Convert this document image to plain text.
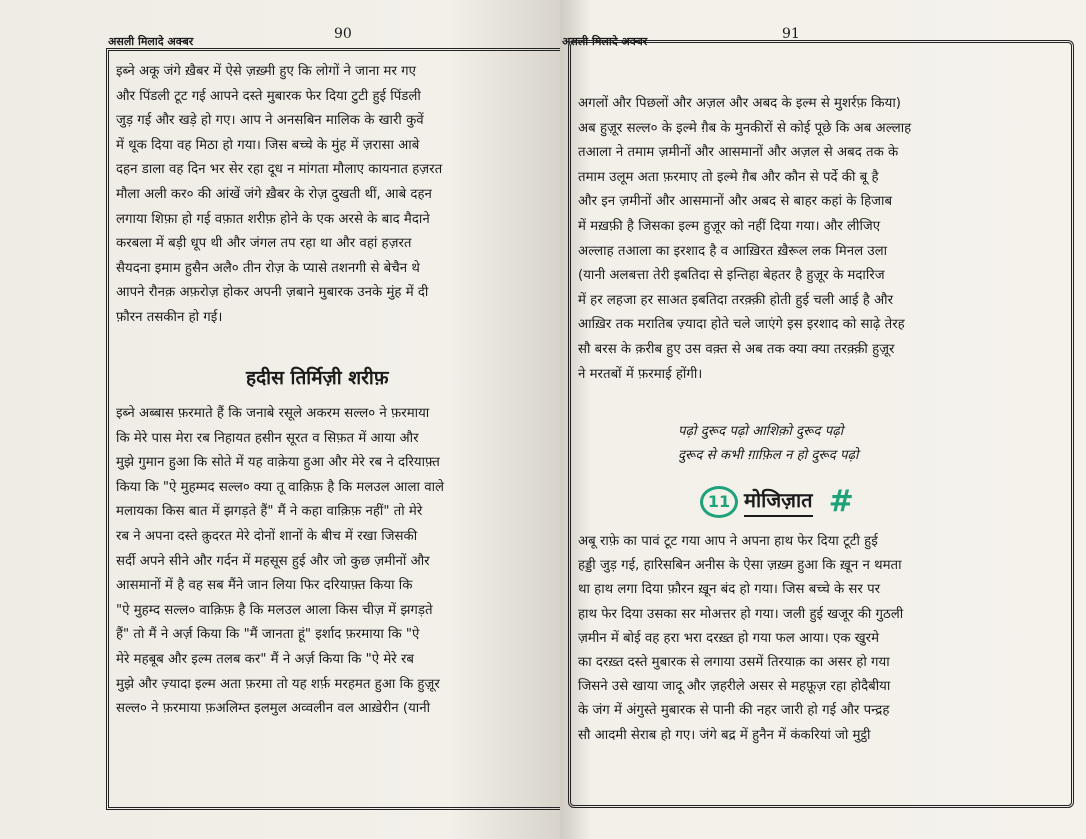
असली मिलादे अक्बर	90
इब्ने अकू जंगे ख़ैबर में ऐसे ज़ख़्मी हुए कि लोगों ने जाना मर गए
और पिंडली टूट गई आपने दस्ते मुबारक फेर दिया टुटी हुई पिंडली
जुड़ गई और खड़े हो गए। आप ने अनसबिन मालिक के खारी कुवें
में थूक दिया वह मिठा हो गया। जिस बच्चे के मुंह में ज़रासा आबे
दहन डाला वह दिन भर सेर रहा दूध न मांगता मौलाए कायनात हज़रत
मौला अली कर० की आंखें जंगे ख़ैबर के रोज़ दुखती थीं, आबे दहन
लगाया शिफ़ा हो गई वफ़ात शरीफ़ होने के एक अरसे के बाद मैदाने
करबला में बड़ी धूप थी और जंगल तप रहा था और वहां हज़रत
सैयदना इमाम हुसैन अलै० तीन रोज़ के प्यासे तशनगी से बेचैन थे
आपने रौनक़ अफ़रोज़ होकर अपनी ज़बाने मुबारक उनके मुंह में दी
फ़ौरन तसकीन हो गई।
हदीस तिर्मिज़ी शरीफ़
इब्ने अब्बास फ़रमाते हैं कि जनाबे रसूले अकरम सल्ल० ने फ़रमाया
कि मेरे पास मेरा रब निहायत हसीन सूरत व सिफ़त में आया और
मुझे गुमान हुआ कि सोते में यह वाक़ेया हुआ और मेरे रब ने दरियाफ़्त
किया कि "ऐ मुहम्मद सल्ल० क्या तू वाक़िफ़ है कि मलउल आला वाले
मलायका किस बात में झगड़ते हैं" मैं ने कहा वाक़िफ़ नहीं" तो मेरे
रब ने अपना दस्ते क़ुदरत मेरे दोनों शानों के बीच में रखा जिसकी
सर्दी अपने सीने और गर्दन में महसूस हुई और जो कुछ ज़मीनों और
आसमानों में है वह सब मैंने जान लिया फिर दरियाफ़्त किया कि
"ऐ मुहम्द सल्ल० वाक़िफ़ है कि मलउल आला किस चीज़ में झगड़ते
हैं" तो मैं ने अर्ज़ किया कि "मैं जानता हूं" इर्शाद फ़रमाया कि "ऐ
मेरे महबूब और इल्म तलब कर" मैं ने अर्ज़ किया कि "ऐ मेरे रब
मुझे और ज़्यादा इल्म अता फ़रमा तो यह शर्फ़ मरहमत हुआ कि हुज़ूर
सल्ल० ने फ़रमाया फ़अलिम्त इलमुल अव्वलीन वल आख़ेरीन (यानी
असली मिलादे अक्बर	91
अगलों और पिछलों और अज़ल और अबद के इल्म से मुशर्रफ़ किया)
अब हुज़ूर सल्ल० के इल्मे ग़ैब के मुनकीरों से कोई पूछे कि अब अल्लाह
तआला ने तमाम ज़मीनों और आसमानों और अज़ल से अबद तक के
तमाम उलूम अता फ़रमाए तो इल्मे ग़ैब और कौन से पर्दे की बू है
और इन ज़मीनों और आसमानों और अबद से बाहर कहां के हिजाब
में मख़फ़ी है जिसका इल्म हुज़ूर को नहीं दिया गया। और लीजिए
अल्लाह तआला का इरशाद है व आख़िरत ख़ैरूल लक मिनल उला
(यानी अलबत्ता तेरी इबतिदा से इन्तिहा बेहतर है हुज़ूर के मदारिज
में हर लहजा हर साअत इबतिदा तरक़्क़ी होती हुई चली आई है और
आख़िर तक मरातिब ज़्यादा होते चले जाएंगे इस इरशाद को साढ़े तेरह
सौ बरस के क़रीब हुए उस वक़्त से अब तक क्या क्या तरक़्क़ी हुज़ूर
ने मरतबों में फ़रमाई होंगी।
पढ़ो दुरूद पढ़ो आशिक़ो दुरूद पढ़ो
दुरूद से कभी ग़ाफ़िल न हो दुरूद पढ़ो
11 मोजिज़ात #
अबू राफ़े का पावं टूट गया आप ने अपना हाथ फेर दिया टूटी हुई
हड्डी जुड़ गई, हारिसबिन अनीस के ऐसा ज़ख़्म हुआ कि ख़ून न थमता
था हाथ लगा दिया फ़ौरन ख़ून बंद हो गया। जिस बच्चे के सर पर
हाथ फेर दिया उसका सर मोअत्तर हो गया। जली हुई खजूर की गुठली
ज़मीन में बोई वह हरा भरा दरख़्त हो गया फल आया। एक खुरमे
का दरख़्त दस्ते मुबारक से लगाया उसमें तिरयाक़ का असर हो गया
जिसने उसे खाया जादू और ज़हरीले असर से महफ़ूज़ रहा होदैबीया
के जंग में अंगुस्ते मुबारक से पानी की नहर जारी हो गई और पन्द्रह
सौ आदमी सेराब हो गए। जंगे बद्र में हुनैन में कंकरियां जो मुट्ठी
